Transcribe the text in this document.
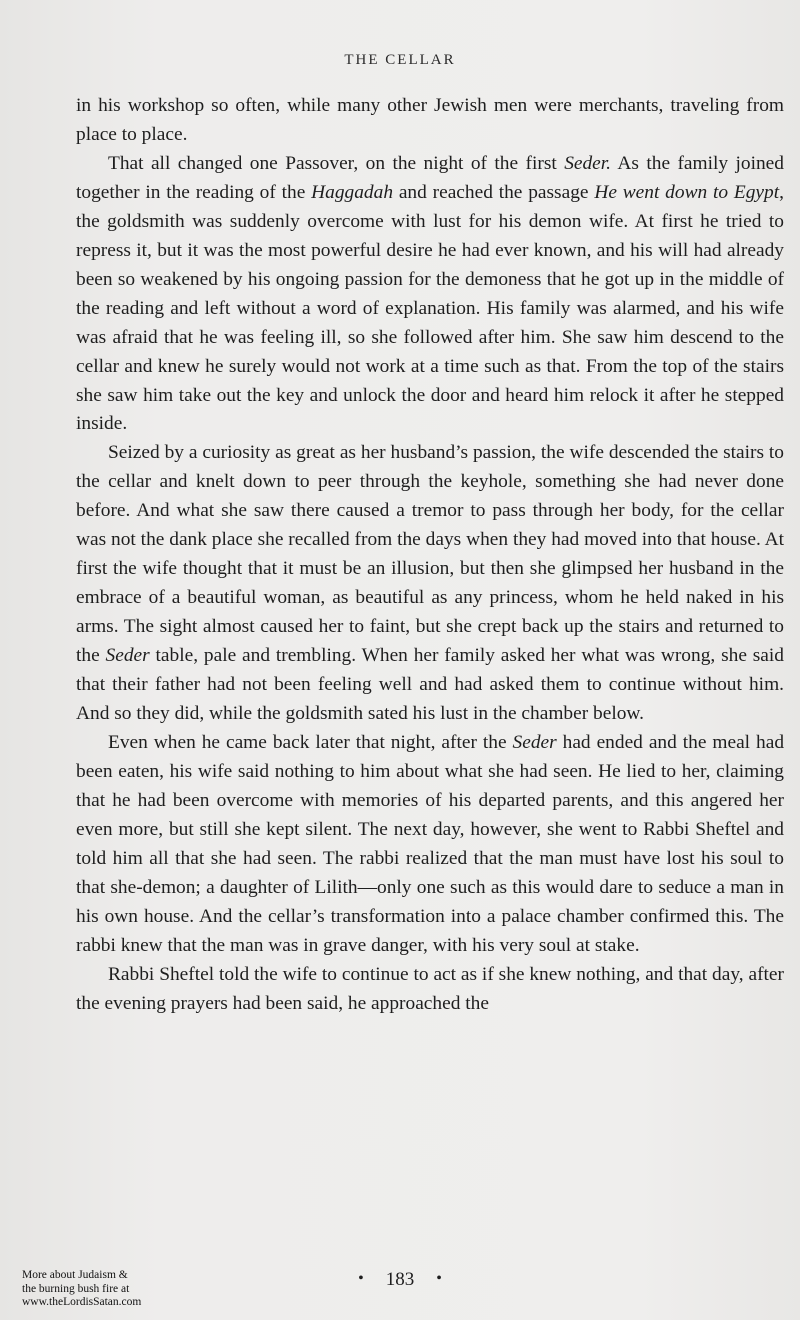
THE CELLAR

in his workshop so often, while many other Jewish men were merchants, traveling from place to place.

That all changed one Passover, on the night of the first Seder. As the family joined together in the reading of the Haggadah and reached the passage He went down to Egypt, the goldsmith was suddenly overcome with lust for his demon wife. At first he tried to repress it, but it was the most powerful desire he had ever known, and his will had already been so weakened by his ongoing passion for the demoness that he got up in the middle of the reading and left without a word of explanation. His family was alarmed, and his wife was afraid that he was feeling ill, so she followed after him. She saw him descend to the cellar and knew he surely would not work at a time such as that. From the top of the stairs she saw him take out the key and unlock the door and heard him relock it after he stepped inside.

Seized by a curiosity as great as her husband’s passion, the wife descended the stairs to the cellar and knelt down to peer through the keyhole, something she had never done before. And what she saw there caused a tremor to pass through her body, for the cellar was not the dank place she recalled from the days when they had moved into that house. At first the wife thought that it must be an illusion, but then she glimpsed her husband in the embrace of a beautiful woman, as beautiful as any princess, whom he held naked in his arms. The sight almost caused her to faint, but she crept back up the stairs and returned to the Seder table, pale and trembling. When her family asked her what was wrong, she said that their father had not been feeling well and had asked them to continue without him. And so they did, while the goldsmith sated his lust in the chamber below.

Even when he came back later that night, after the Seder had ended and the meal had been eaten, his wife said nothing to him about what she had seen. He lied to her, claiming that he had been overcome with memories of his departed parents, and this angered her even more, but still she kept silent. The next day, however, she went to Rabbi Sheftel and told him all that she had seen. The rabbi realized that the man must have lost his soul to that she-demon; a daughter of Lilith—only one such as this would dare to seduce a man in his own house. And the cellar’s transformation into a palace chamber confirmed this. The rabbi knew that the man was in grave danger, with his very soul at stake.

Rabbi Sheftel told the wife to continue to act as if she knew nothing, and that day, after the evening prayers had been said, he approached the

• 183 •
More about Judaism &
the burning bush fire at
www.theLordisSatan.com
